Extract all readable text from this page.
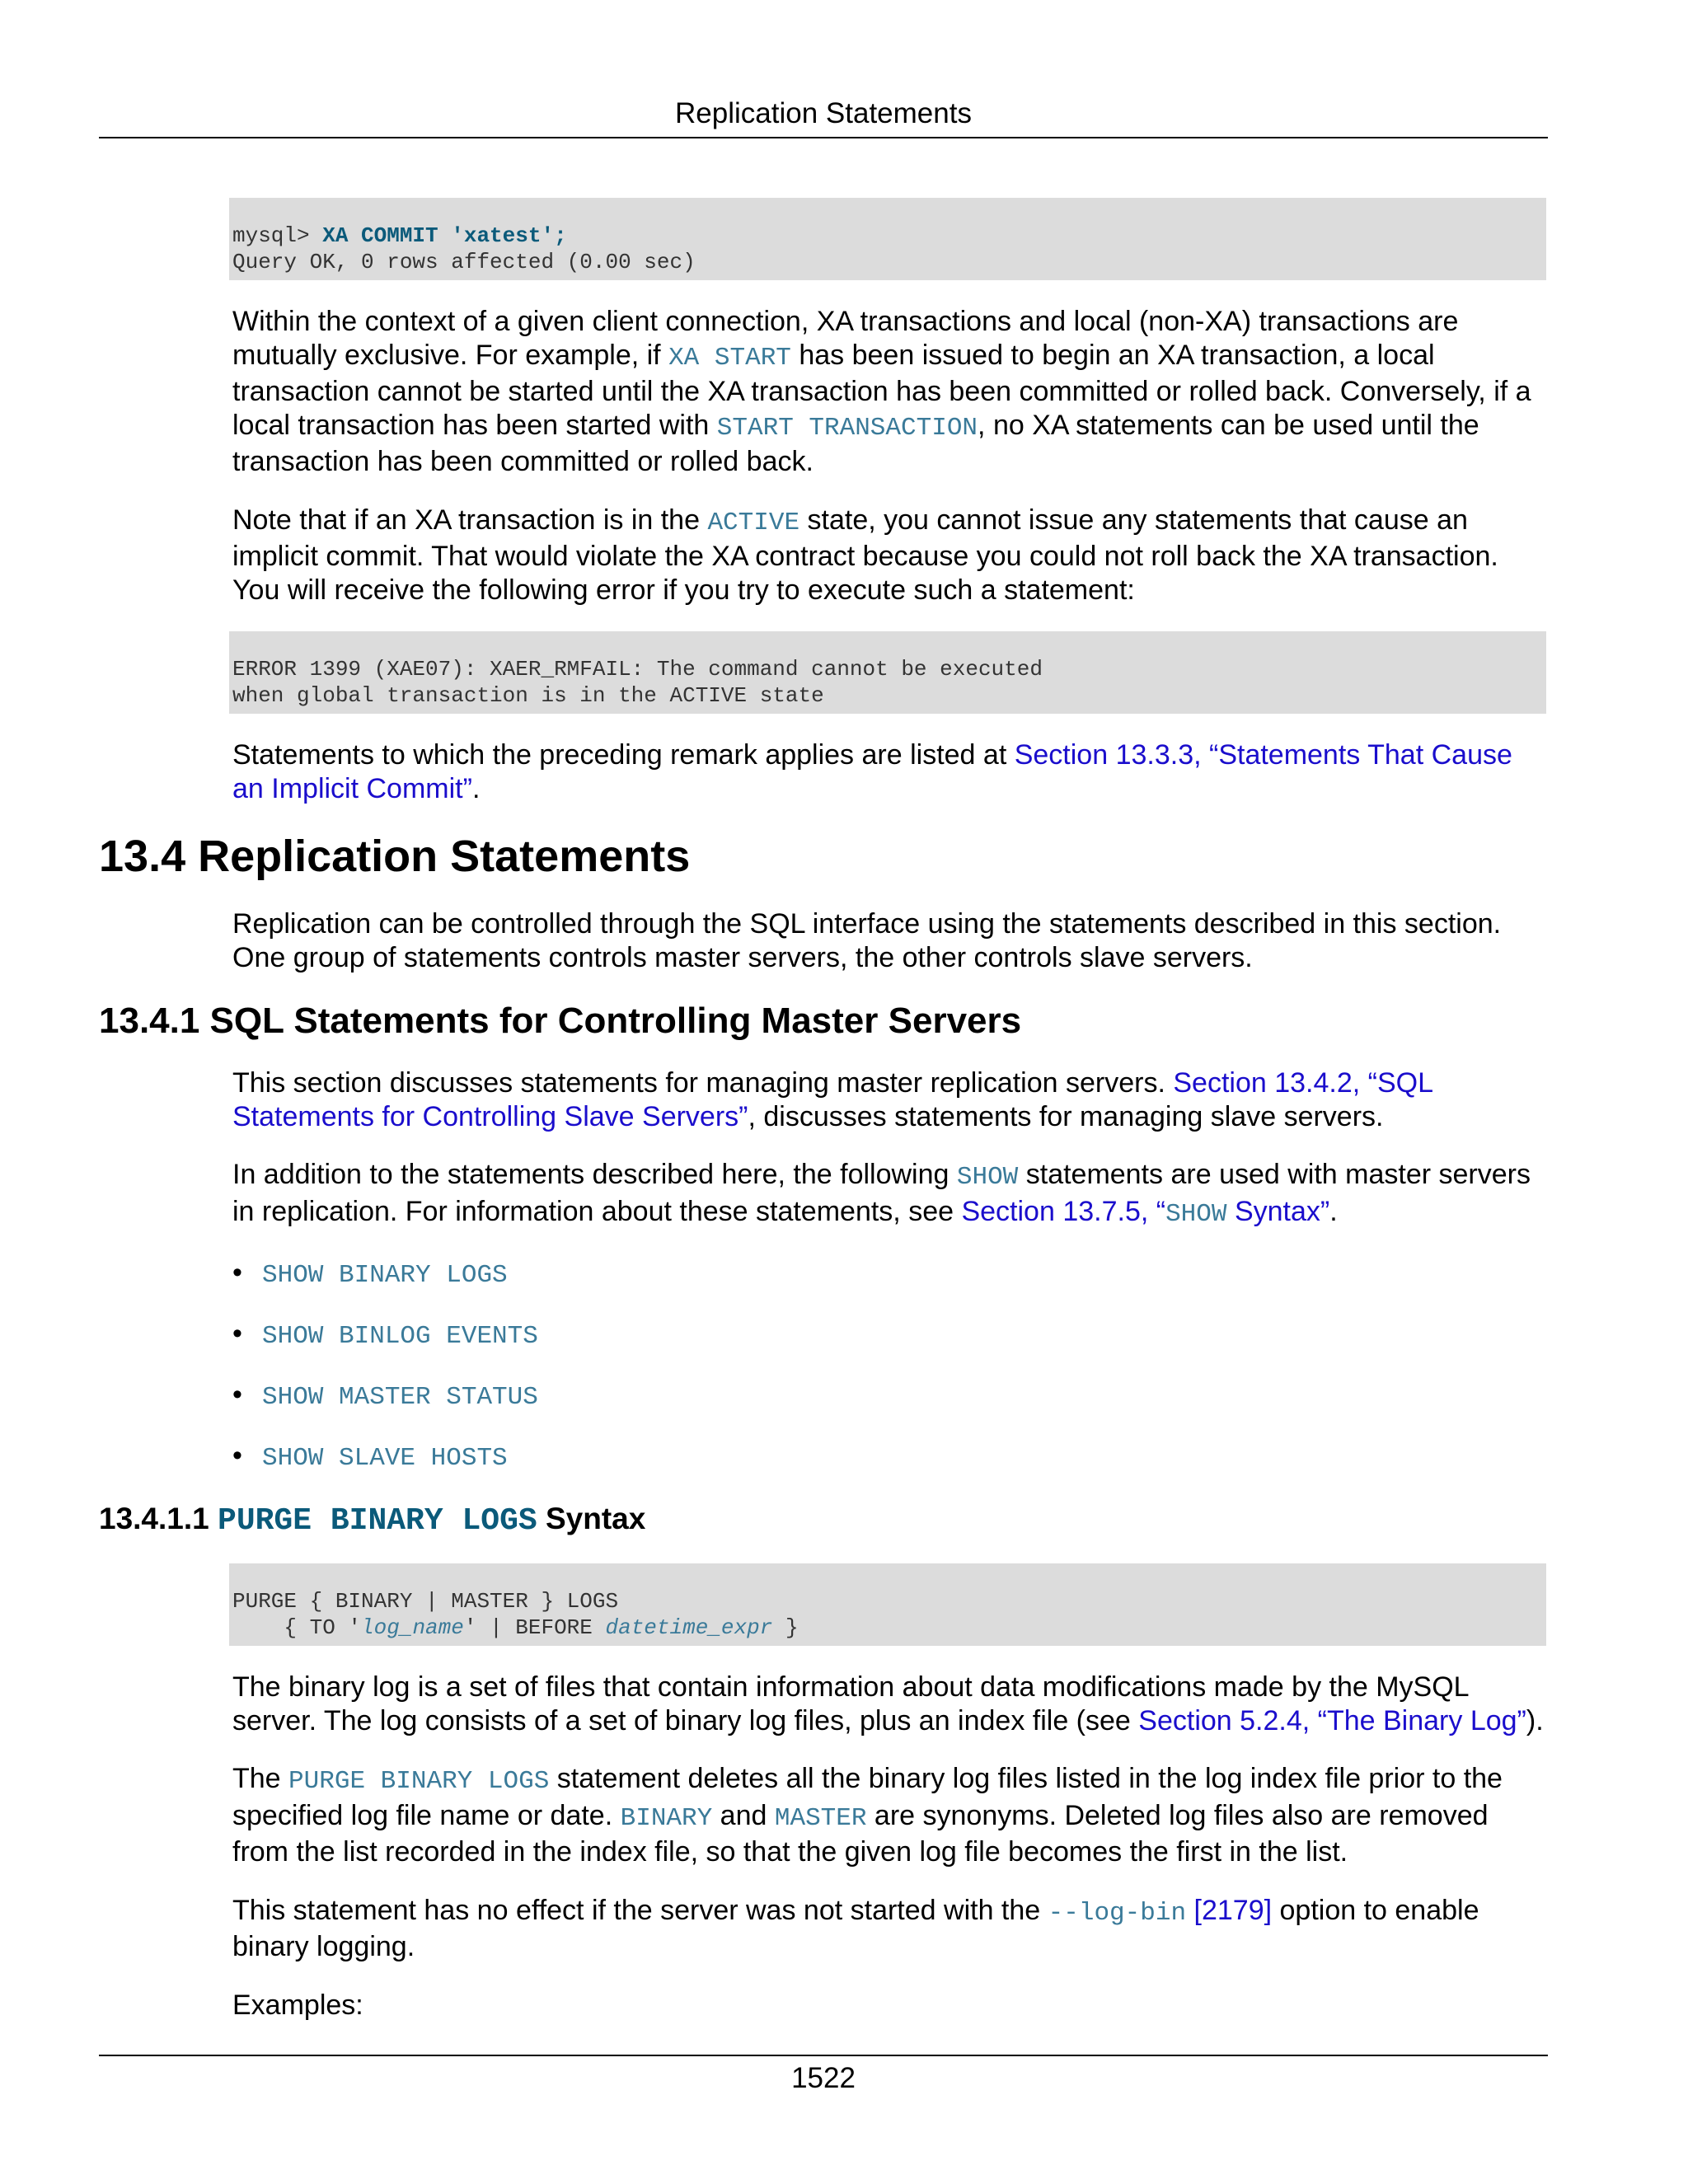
Replication Statements
mysql> XA COMMIT 'xatest';
Query OK, 0 rows affected (0.00 sec)

Within the context of a given client connection, XA transactions and local (non-XA) transactions are mutually exclusive. For example, if XA START has been issued to begin an XA transaction, a local transaction cannot be started until the XA transaction has been committed or rolled back. Conversely, if a local transaction has been started with START TRANSACTION, no XA statements can be used until the transaction has been committed or rolled back.

Note that if an XA transaction is in the ACTIVE state, you cannot issue any statements that cause an implicit commit. That would violate the XA contract because you could not roll back the XA transaction. You will receive the following error if you try to execute such a statement:

ERROR 1399 (XAE07): XAER_RMFAIL: The command cannot be executed
when global transaction is in the ACTIVE state

Statements to which the preceding remark applies are listed at Section 13.3.3, “Statements That Cause an Implicit Commit”.

13.4 Replication Statements

Replication can be controlled through the SQL interface using the statements described in this section. One group of statements controls master servers, the other controls slave servers.

13.4.1 SQL Statements for Controlling Master Servers

This section discusses statements for managing master replication servers. Section 13.4.2, “SQL Statements for Controlling Slave Servers”, discusses statements for managing slave servers.

In addition to the statements described here, the following SHOW statements are used with master servers in replication. For information about these statements, see Section 13.7.5, “SHOW Syntax”.

• SHOW BINARY LOGS
• SHOW BINLOG EVENTS
• SHOW MASTER STATUS
• SHOW SLAVE HOSTS
13.4.1.1 PURGE BINARY LOGS Syntax
PURGE { BINARY | MASTER } LOGS
{ TO 'log_name' | BEFORE datetime_expr }

The binary log is a set of files that contain information about data modifications made by the MySQL server. The log consists of a set of binary log files, plus an index file (see Section 5.2.4, “The Binary Log”).

The PURGE BINARY LOGS statement deletes all the binary log files listed in the log index file prior to the specified log file name or date. BINARY and MASTER are synonyms. Deleted log files also are removed from the list recorded in the index file, so that the given log file becomes the first in the list.

This statement has no effect if the server was not started with the --log-bin [2179] option to enable binary logging.

Examples:

1522
